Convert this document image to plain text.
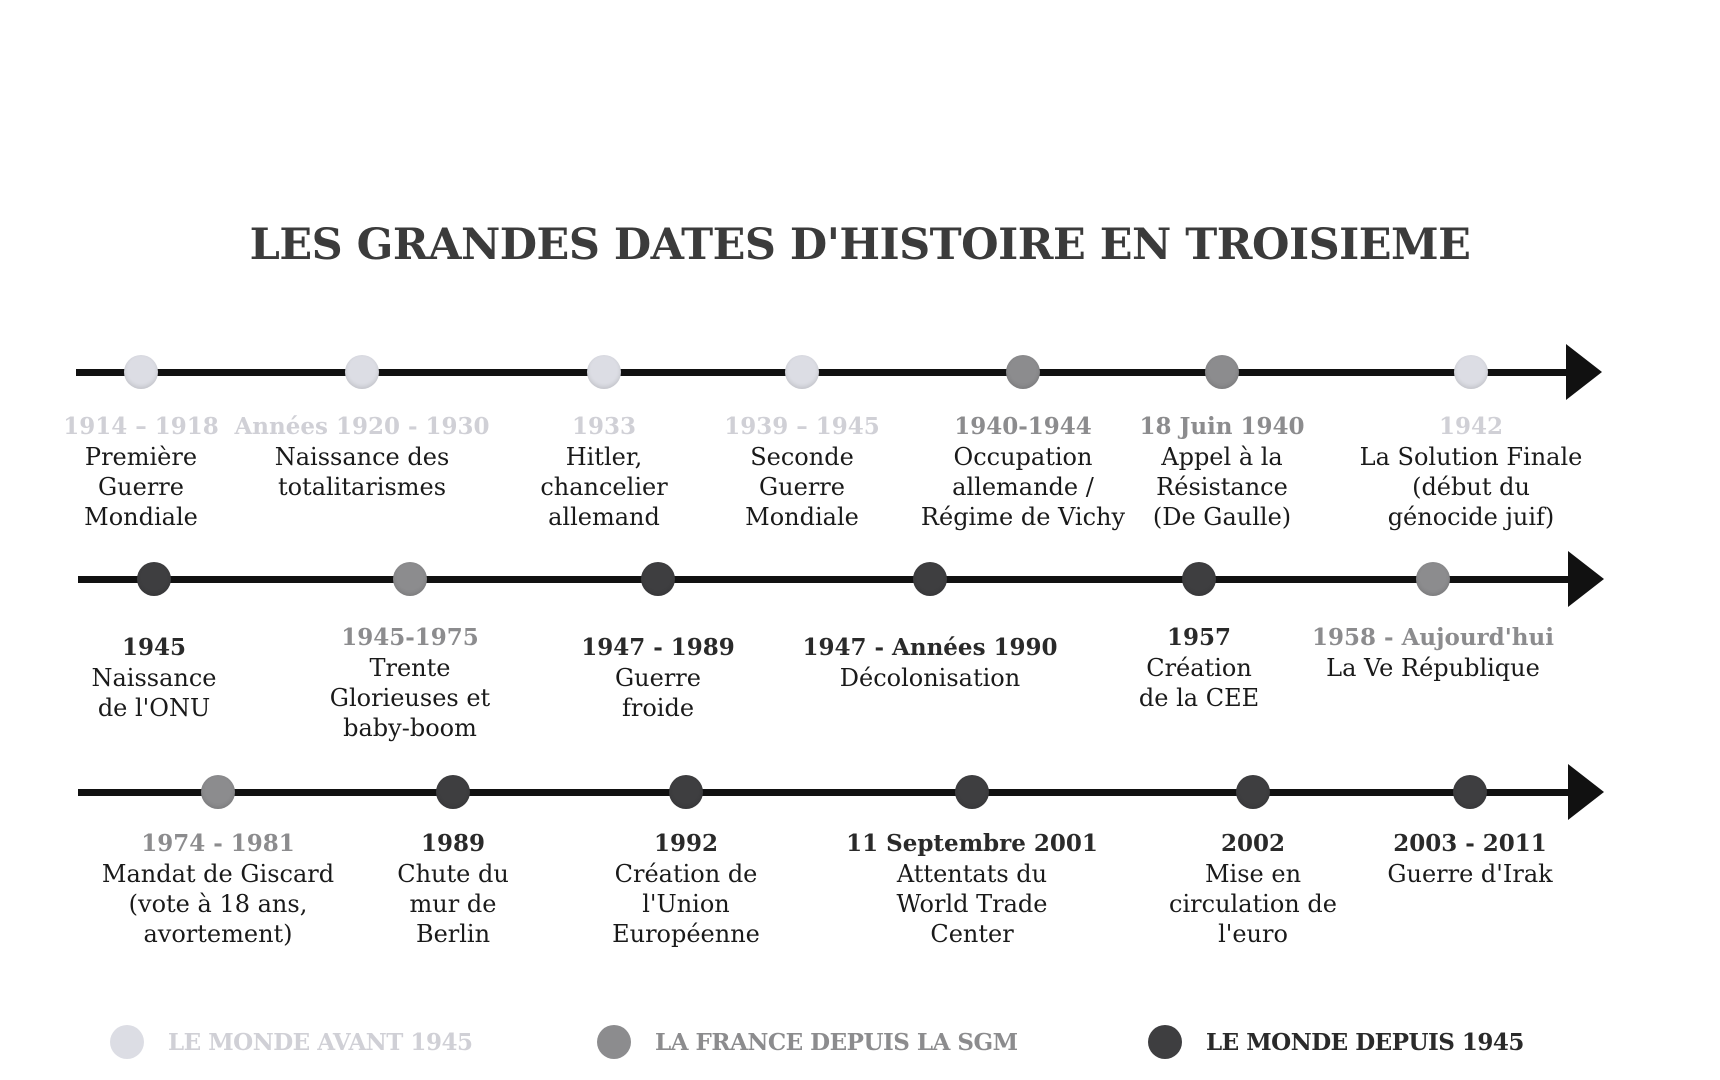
LES GRANDES DATES D'HISTOIRE EN TROISIEME
1914 – 1918
Première
Guerre
Mondiale
Années 1920 - 1930
Naissance des
totalitarismes
1933
Hitler,
chancelier
allemand
1939 – 1945
Seconde
Guerre
Mondiale
1940-1944
Occupation
allemande /
Régime de Vichy
18 Juin 1940
Appel à la
Résistance
(De Gaulle)
1942
La Solution Finale
(début du
génocide juif)
1945
Naissance
de l'ONU
1945-1975
Trente
Glorieuses et
baby-boom
1947 - 1989
Guerre
froide
1947 - Années 1990
Décolonisation
1957
Création
de la CEE
1958 - Aujourd'hui
La Ve République
1974 - 1981
Mandat de Giscard
(vote à 18 ans,
avortement)
1989
Chute du
mur de
Berlin
1992
Création de
l'Union
Européenne
11 Septembre 2001
Attentats du
World Trade
Center
2002
Mise en
circulation de
l'euro
2003 - 2011
Guerre d'Irak
LE MONDE AVANT 1945	LA FRANCE DEPUIS LA SGM	LE MONDE DEPUIS 1945
